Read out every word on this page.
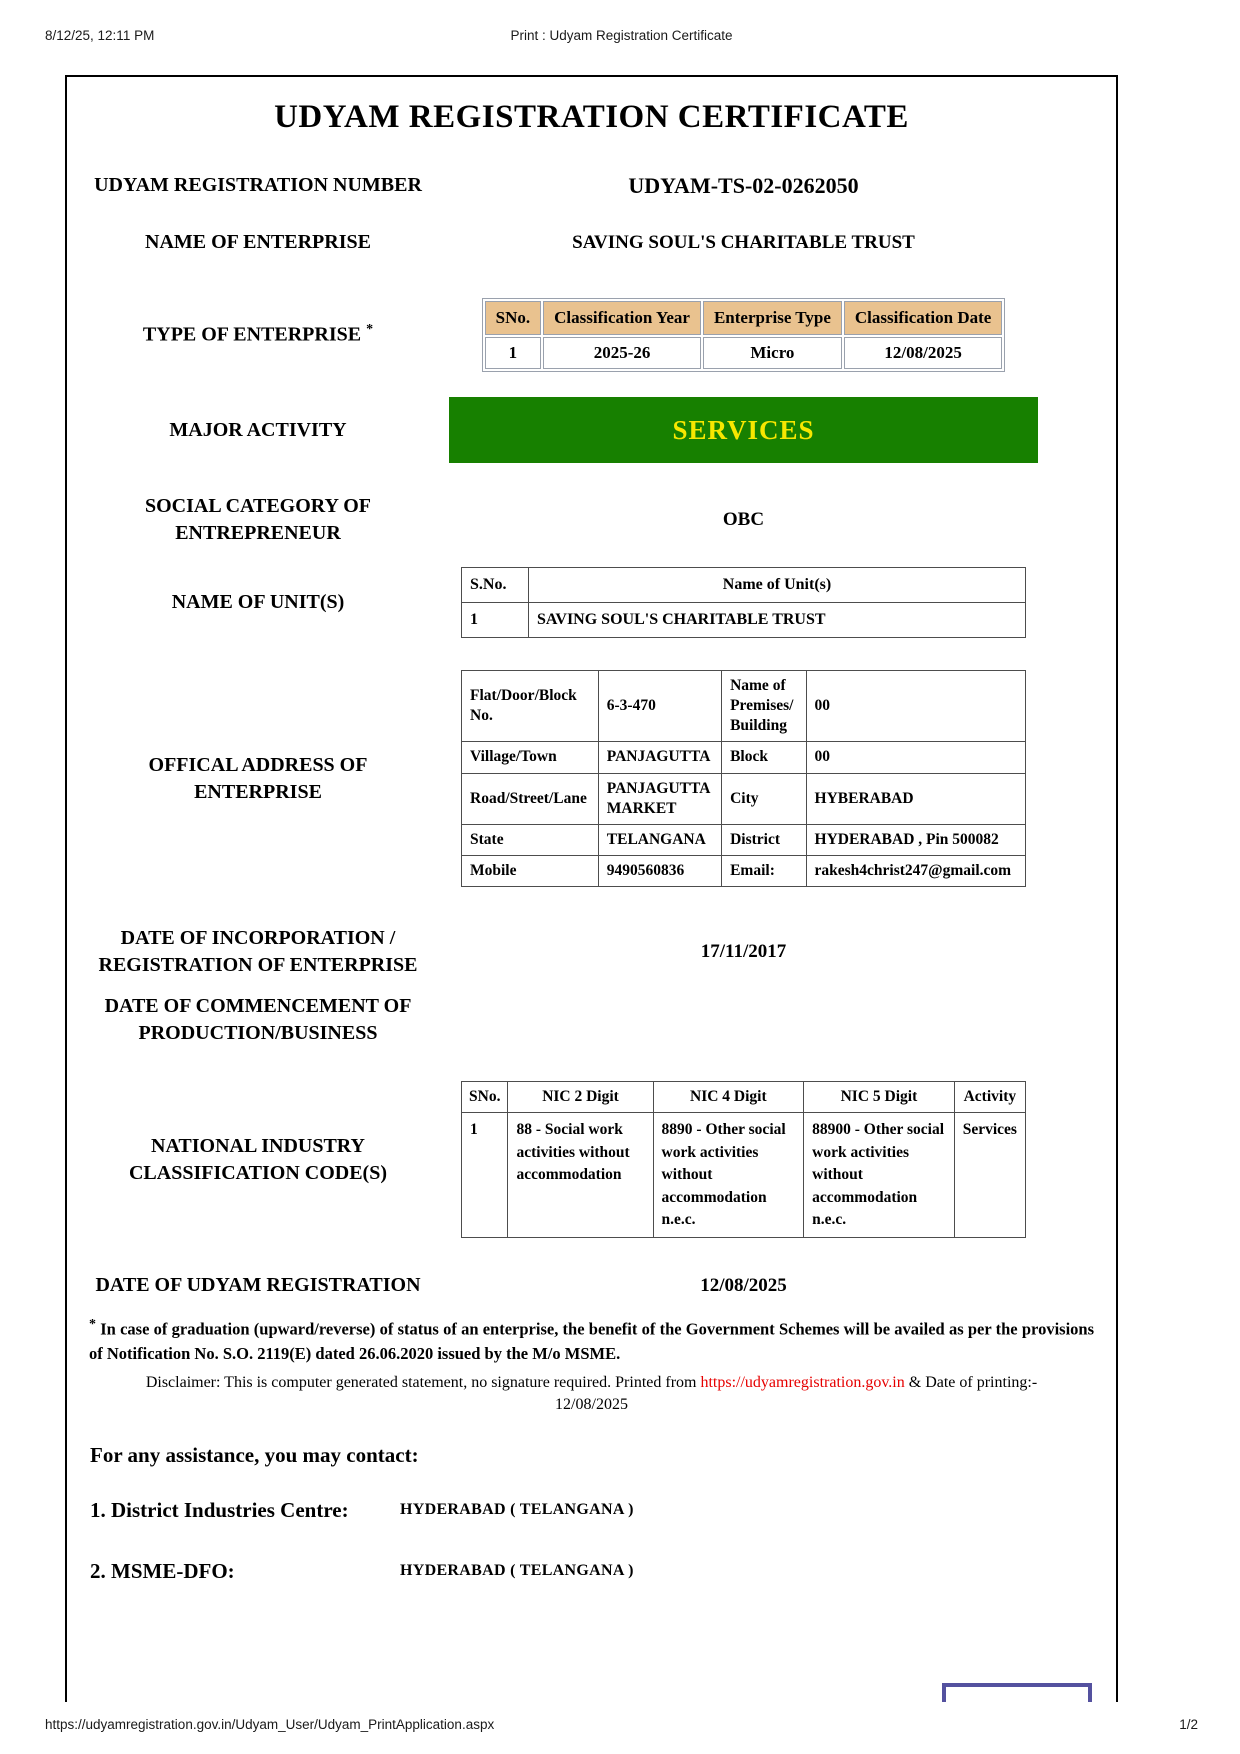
Print : Udyam Registration Certificate
8/12/25, 12:11 PM
UDYAM REGISTRATION CERTIFICATE
UDYAM REGISTRATION NUMBER	UDYAM-TS-02-0262050
NAME OF ENTERPRISE	SAVING SOUL'S CHARITABLE TRUST
TYPE OF ENTERPRISE *
SNo.	Classification Year	Enterprise Type	Classification Date
1	2025-26	Micro	12/08/2025
MAJOR ACTIVITY	SERVICES
SOCIAL CATEGORY OF ENTREPRENEUR
OBC
NAME OF UNIT(S)
S.No.	Name of Unit(s)
1	SAVING SOUL'S CHARITABLE TRUST
OFFICAL ADDRESS OF ENTERPRISE
Flat/Door/Block No.	6-3-470	Name of Premises/ Building	00
Village/Town	PANJAGUTTA	Block	00
Road/Street/Lane	PANJAGUTTA MARKET	City	HYBERABAD
State	TELANGANA	District	HYDERABAD , Pin 500082
Mobile	9490560836	Email:	rakesh4christ247@gmail.com
DATE OF INCORPORATION / REGISTRATION OF ENTERPRISE
17/11/2017
DATE OF COMMENCEMENT OF PRODUCTION/BUSINESS
NATIONAL INDUSTRY CLASSIFICATION CODE(S)
SNo.	NIC 2 Digit	NIC 4 Digit	NIC 5 Digit	Activity
1	88 - Social work activities without accommodation	8890 - Other social work activities without accommodation n.e.c.	88900 - Other social work activities without accommodation n.e.c.	Services
DATE OF UDYAM REGISTRATION	12/08/2025
* In case of graduation (upward/reverse) of status of an enterprise, the benefit of the Government Schemes will be availed as per the provisions of Notification No. S.O. 2119(E) dated 26.06.2020 issued by the M/o MSME.
Disclaimer: This is computer generated statement, no signature required. Printed from https://udyamregistration.gov.in & Date of printing:-
12/08/2025
For any assistance, you may contact:
1. District Industries Centre:	HYDERABAD ( TELANGANA )
2. MSME-DFO:	HYDERABAD ( TELANGANA )
https://udyamregistration.gov.in/Udyam_User/Udyam_PrintApplication.aspx	1/2
